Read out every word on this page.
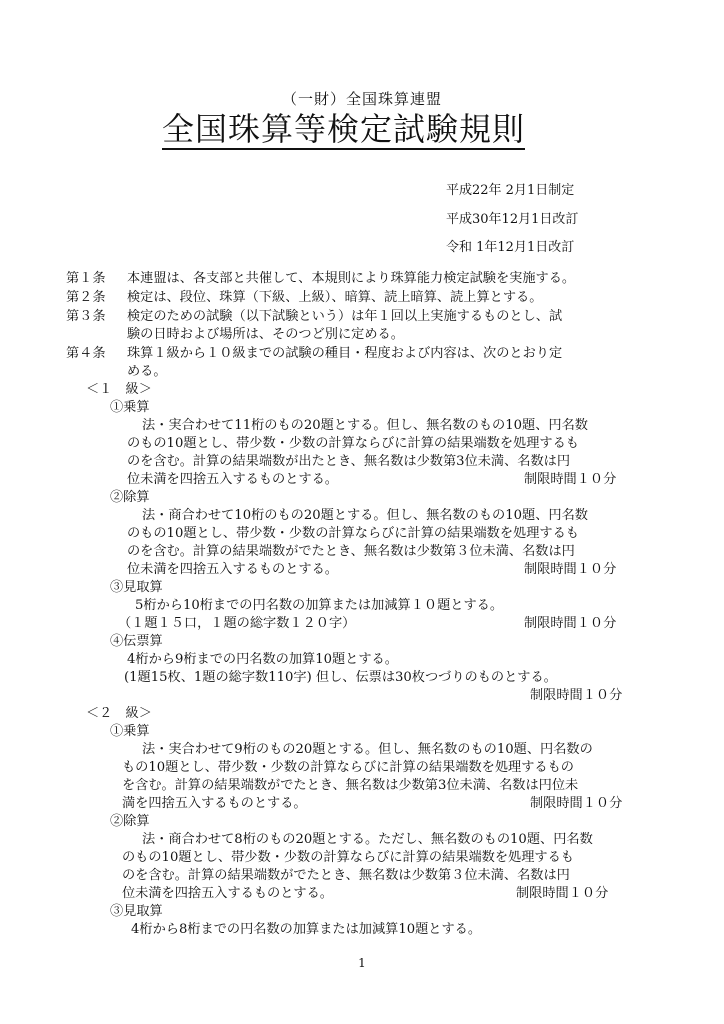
（一財）全国珠算連盟
全国珠算等検定試験規則
平成22年 2月1日制定
平成30年12月1日改訂
令和 1年12月1日改訂
第１条 本連盟は、各支部と共催して、本規則により珠算能力検定試験を実施する。
第２条 検定は、段位、珠算（下級、上級）、暗算、読上暗算、読上算とする。
第３条 検定のための試験（以下試験という）は年１回以上実施するものとし、試
験の日時および場所は、そのつど別に定める。
第４条 珠算１級から１０級までの試験の種目・程度および内容は、次のとおり定
める。
＜１　級＞
①乗算
法・実合わせて11桁のもの20題とする。但し、無名数のもの10題、円名数
のもの10題とし、帯少数・少数の計算ならびに計算の結果端数を処理するも
のを含む。計算の結果端数が出たとき、無名数は少数第3位未満、名数は円
位未満を四捨五入するものとする。	制限時間１０分
②除算
法・商合わせて10桁のもの20題とする。但し、無名数のもの10題、円名数
のもの10題とし、帯少数・少数の計算ならびに計算の結果端数を処理するも
のを含む。計算の結果端数がでたとき、無名数は少数第３位未満、名数は円
位未満を四捨五入するものとする。	制限時間１０分
③見取算
5桁から10桁までの円名数の加算または加減算１０題とする。
（１題１５口，１題の総字数１２０字）	制限時間１０分
④伝票算
4桁から9桁までの円名数の加算10題とする。
(1題15枚、1題の総字数110字) 但し、伝票は30枚つづりのものとする。
制限時間１０分
＜２　級＞
①乗算
法・実合わせて9桁のもの20題とする。但し、無名数のもの10題、円名数の
もの10題とし、帯少数・少数の計算ならびに計算の結果端数を処理するもの
を含む。計算の結果端数がでたとき、無名数は少数第3位未満、名数は円位未
満を四捨五入するものとする。	制限時間１０分
②除算
法・商合わせて8桁のもの20題とする。ただし、無名数のもの10題、円名数
のもの10題とし、帯少数・少数の計算ならびに計算の結果端数を処理するも
のを含む。計算の結果端数がでたとき、無名数は少数第３位未満、名数は円
位未満を四捨五入するものとする。	制限時間１０分
③見取算
4桁から8桁までの円名数の加算または加減算10題とする。
1
